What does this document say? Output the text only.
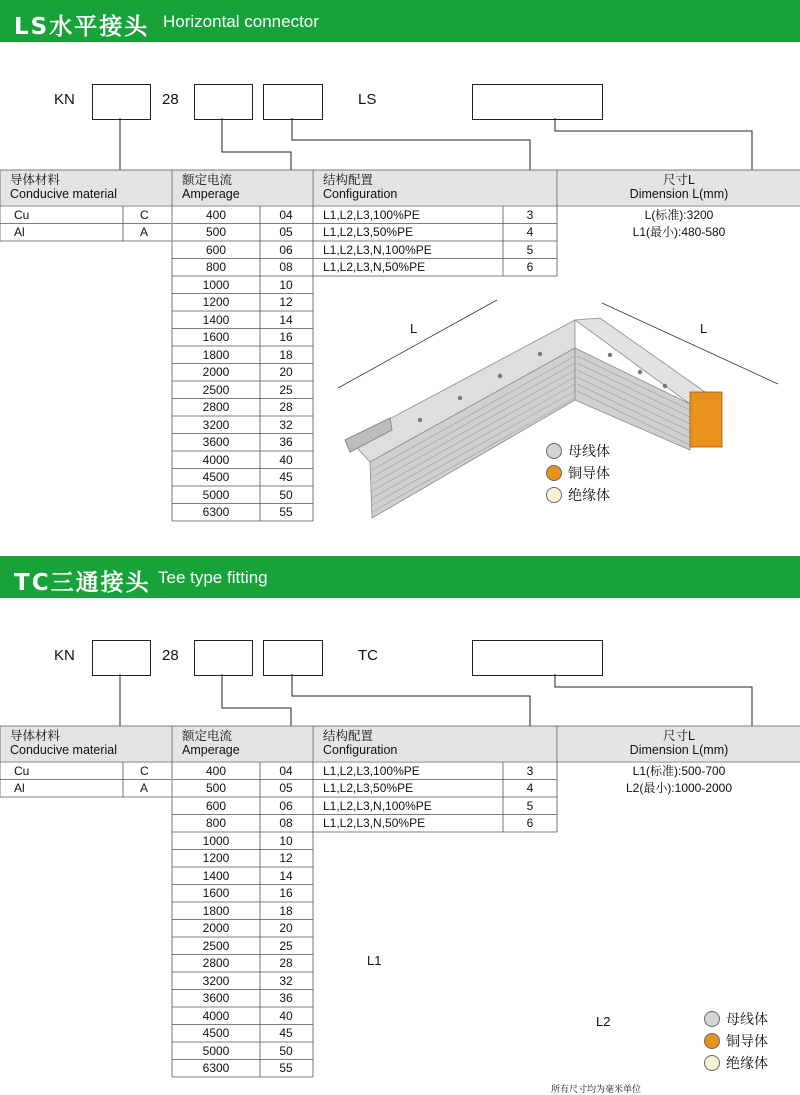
LS水平接头 Horizontal connector
KN	28	LS
导体材料
Conducive material
额定电流
Amperage
结构配置
Configuration
尺寸L
Dimension L(mm)
Cu	C
Al	A
400	04
500	05
600	06
800	08
1000	10
1200	12
1400	14
1600	16
1800	18
2000	20
2500	25
2800	28
3200	32
3600	36
4000	40
4500	45
5000	50
6300	55
L1,L2,L3,100%PE	3
L1,L2,L3,50%PE	4
L1,L2,L3,N,100%PE	5
L1,L2,L3,N,50%PE	6
L(标准):3200
L1(最小):480-580
L	L
母线体
铜导体
绝缘体
TC三通接头 Tee type fitting
KN	28	TC
导体材料
Conducive material
额定电流
Amperage
结构配置
Configuration
尺寸L
Dimension L(mm)
Cu	C
Al	A
400	04
500	05
600	06
800	08
1000	10
1200	12
1400	14
1600	16
1800	18
2000	20
2500	25
2800	28
3200	32
3600	36
4000	40
4500	45
5000	50
6300	55
L1,L2,L3,100%PE	3
L1,L2,L3,50%PE	4
L1,L2,L3,N,100%PE	5
L1,L2,L3,N,50%PE	6
L1(标准):500-700
L2(最小):1000-2000
L1
L2	母线体
铜导体
绝缘体
所有尺寸均为毫米单位
